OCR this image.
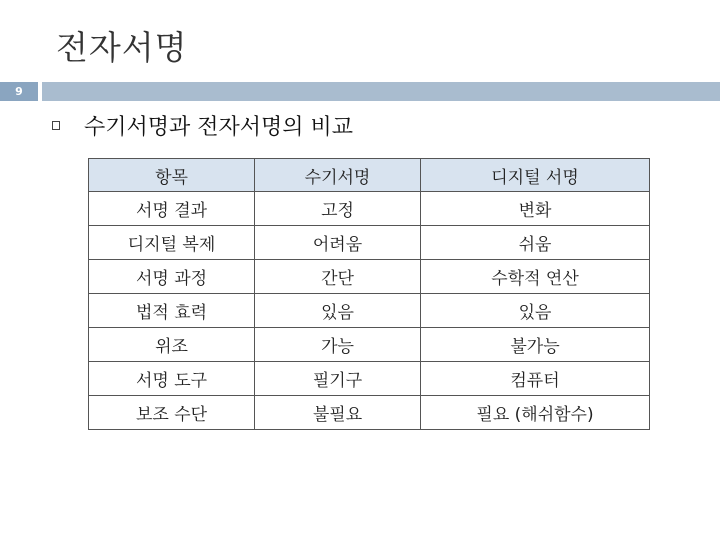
전자서명
9
수기서명과 전자서명의 비교
항목	수기서명	디지털 서명
서명 결과	고정	변화
디지털 복제	어려움	쉬움
서명 과정	간단	수학적 연산
법적 효력	있음	있음
위조	가능	불가능
서명 도구	필기구	컴퓨터
보조 수단	불필요	필요 (해쉬함수)
